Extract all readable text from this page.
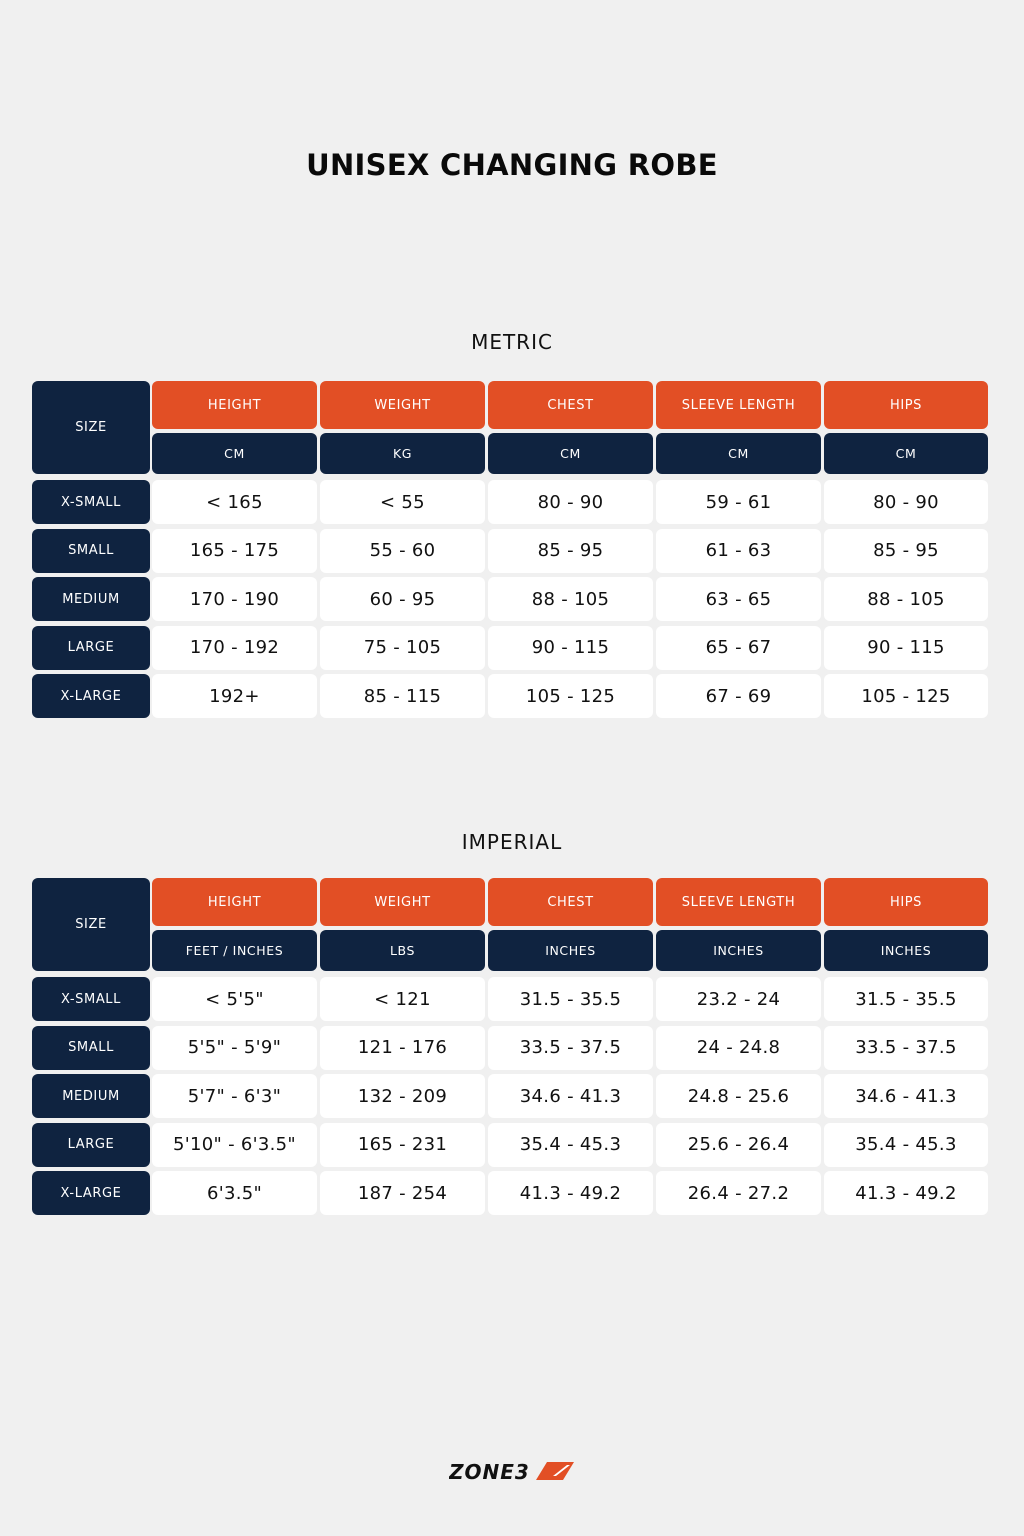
UNISEX CHANGING ROBE
METRIC
SIZE
HEIGHT
CM
WEIGHT
KG
CHEST
CM
SLEEVE LENGTH
CM
HIPS
CM
X-SMALL	< 165	< 55	80 - 90	59 - 61	80 - 90
SMALL	165 - 175	55 - 60	85 - 95	61 - 63	85 - 95
MEDIUM	170 - 190	60 - 95	88 - 105	63 - 65	88 - 105
LARGE	170 - 192	75 - 105	90 - 115	65 - 67	90 - 115
X-LARGE	192+	85 - 115	105 - 125	67 - 69	105 - 125
IMPERIAL
SIZE
HEIGHT
FEET / INCHES
WEIGHT
LBS
CHEST
INCHES
SLEEVE LENGTH
INCHES
HIPS
INCHES
X-SMALL	< 5'5"	< 121	31.5 - 35.5	23.2 - 24	31.5 - 35.5
SMALL	5'5" - 5'9"	121 - 176	33.5 - 37.5	24 - 24.8	33.5 - 37.5
MEDIUM	5'7" - 6'3"	132 - 209	34.6 - 41.3	24.8 - 25.6	34.6 - 41.3
LARGE	5'10" - 6'3.5"	165 - 231	35.4 - 45.3	25.6 - 26.4	35.4 - 45.3
X-LARGE	6'3.5"	187 - 254	41.3 - 49.2	26.4 - 27.2	41.3 - 49.2
ZONE3
